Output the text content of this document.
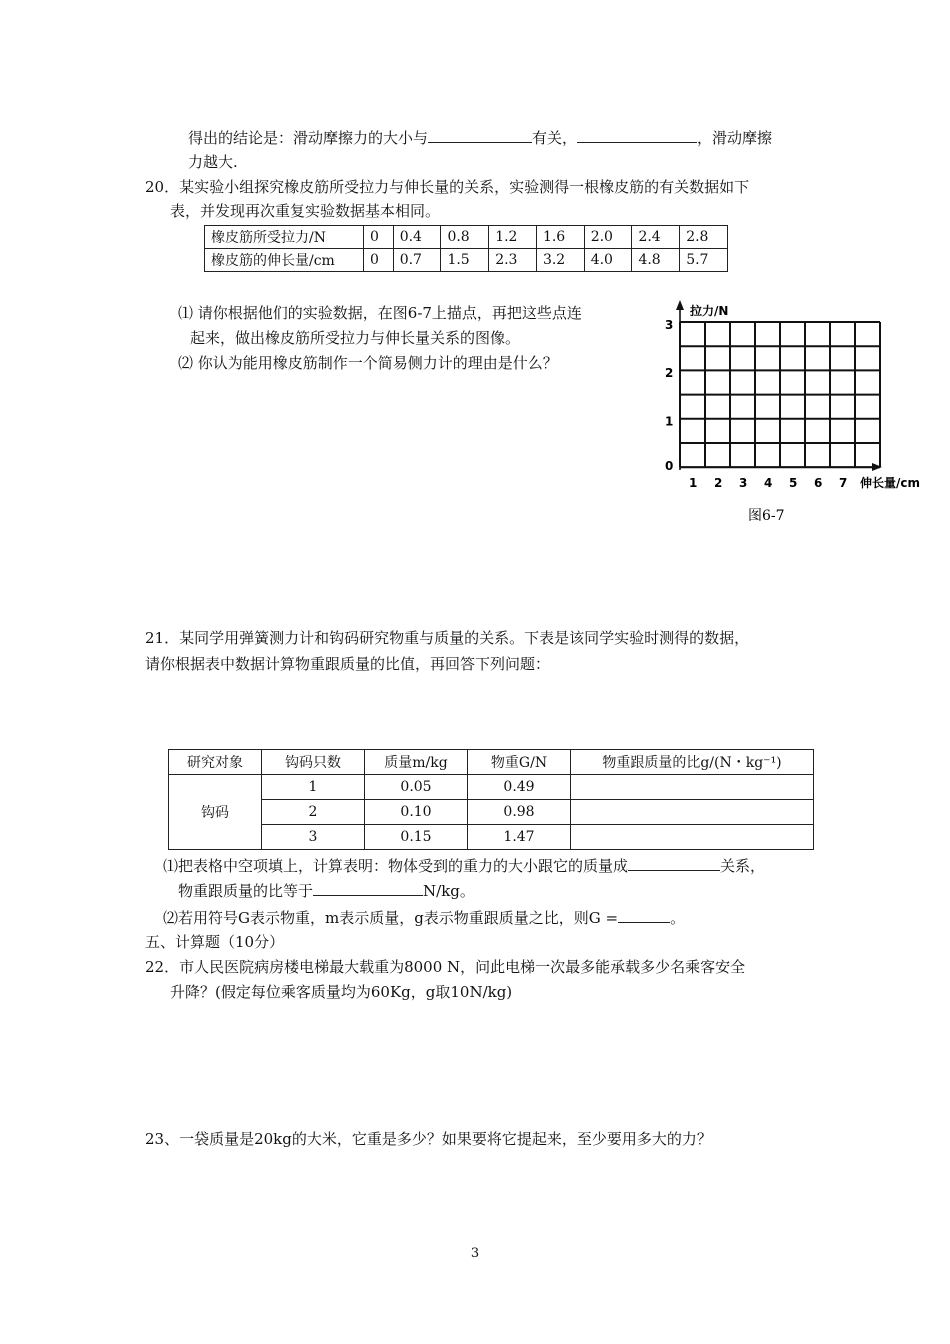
得出的结论是：滑动摩擦力的大小与	有关，	，滑动摩擦
力越大.
20．某实验小组探究橡皮筋所受拉力与伸长量的关系，实验测得一根橡皮筋的有关数据如下
表，并发现再次重复实验数据基本相同。
橡皮筋所受拉力/N	0	0.4	0.8	1.2	1.6	2.0	2.4	2.8
橡皮筋的伸长量/cm	0	0.7	1.5	2.3	3.2	4.0	4.8	5.7
⑴ 请你根据他们的实验数据，在图6-7上描点，再把这些点连
起来，做出橡皮筋所受拉力与伸长量关系的图像。
⑵ 你认为能用橡皮筋制作一个简易侧力计的理由是什么？
拉力/N
0
1
2
3
1 2 3 4 5 6 7 伸长量/cm
图6-7
21．某同学用弹簧测力计和钩码研究物重与质量的关系。下表是该同学实验时测得的数据，
请你根据表中数据计算物重跟质量的比值，再回答下列问题：
研究对象	钩码只数	质量m/kg	物重G/N	物重跟质量的比g/(N・kg⁻¹)
钩码	1	0.05	0.49	
	2	0.10	0.98	
	3	0.15	1.47	
⑴把表格中空项填上，计算表明：物体受到的重力的大小跟它的质量成	关系，
物重跟质量的比等于	N/kg。
⑵若用符号G表示物重，m表示质量，g表示物重跟质量之比，则G =	。
五、计算题（10分）
22．市人民医院病房楼电梯最大载重为8000 N，问此电梯一次最多能承载多少名乘客安全
升降？(假定每位乘客质量均为60Kg，g取10N/kg)
23、一袋质量是20kg的大米，它重是多少？如果要将它提起来，至少要用多大的力？
3
